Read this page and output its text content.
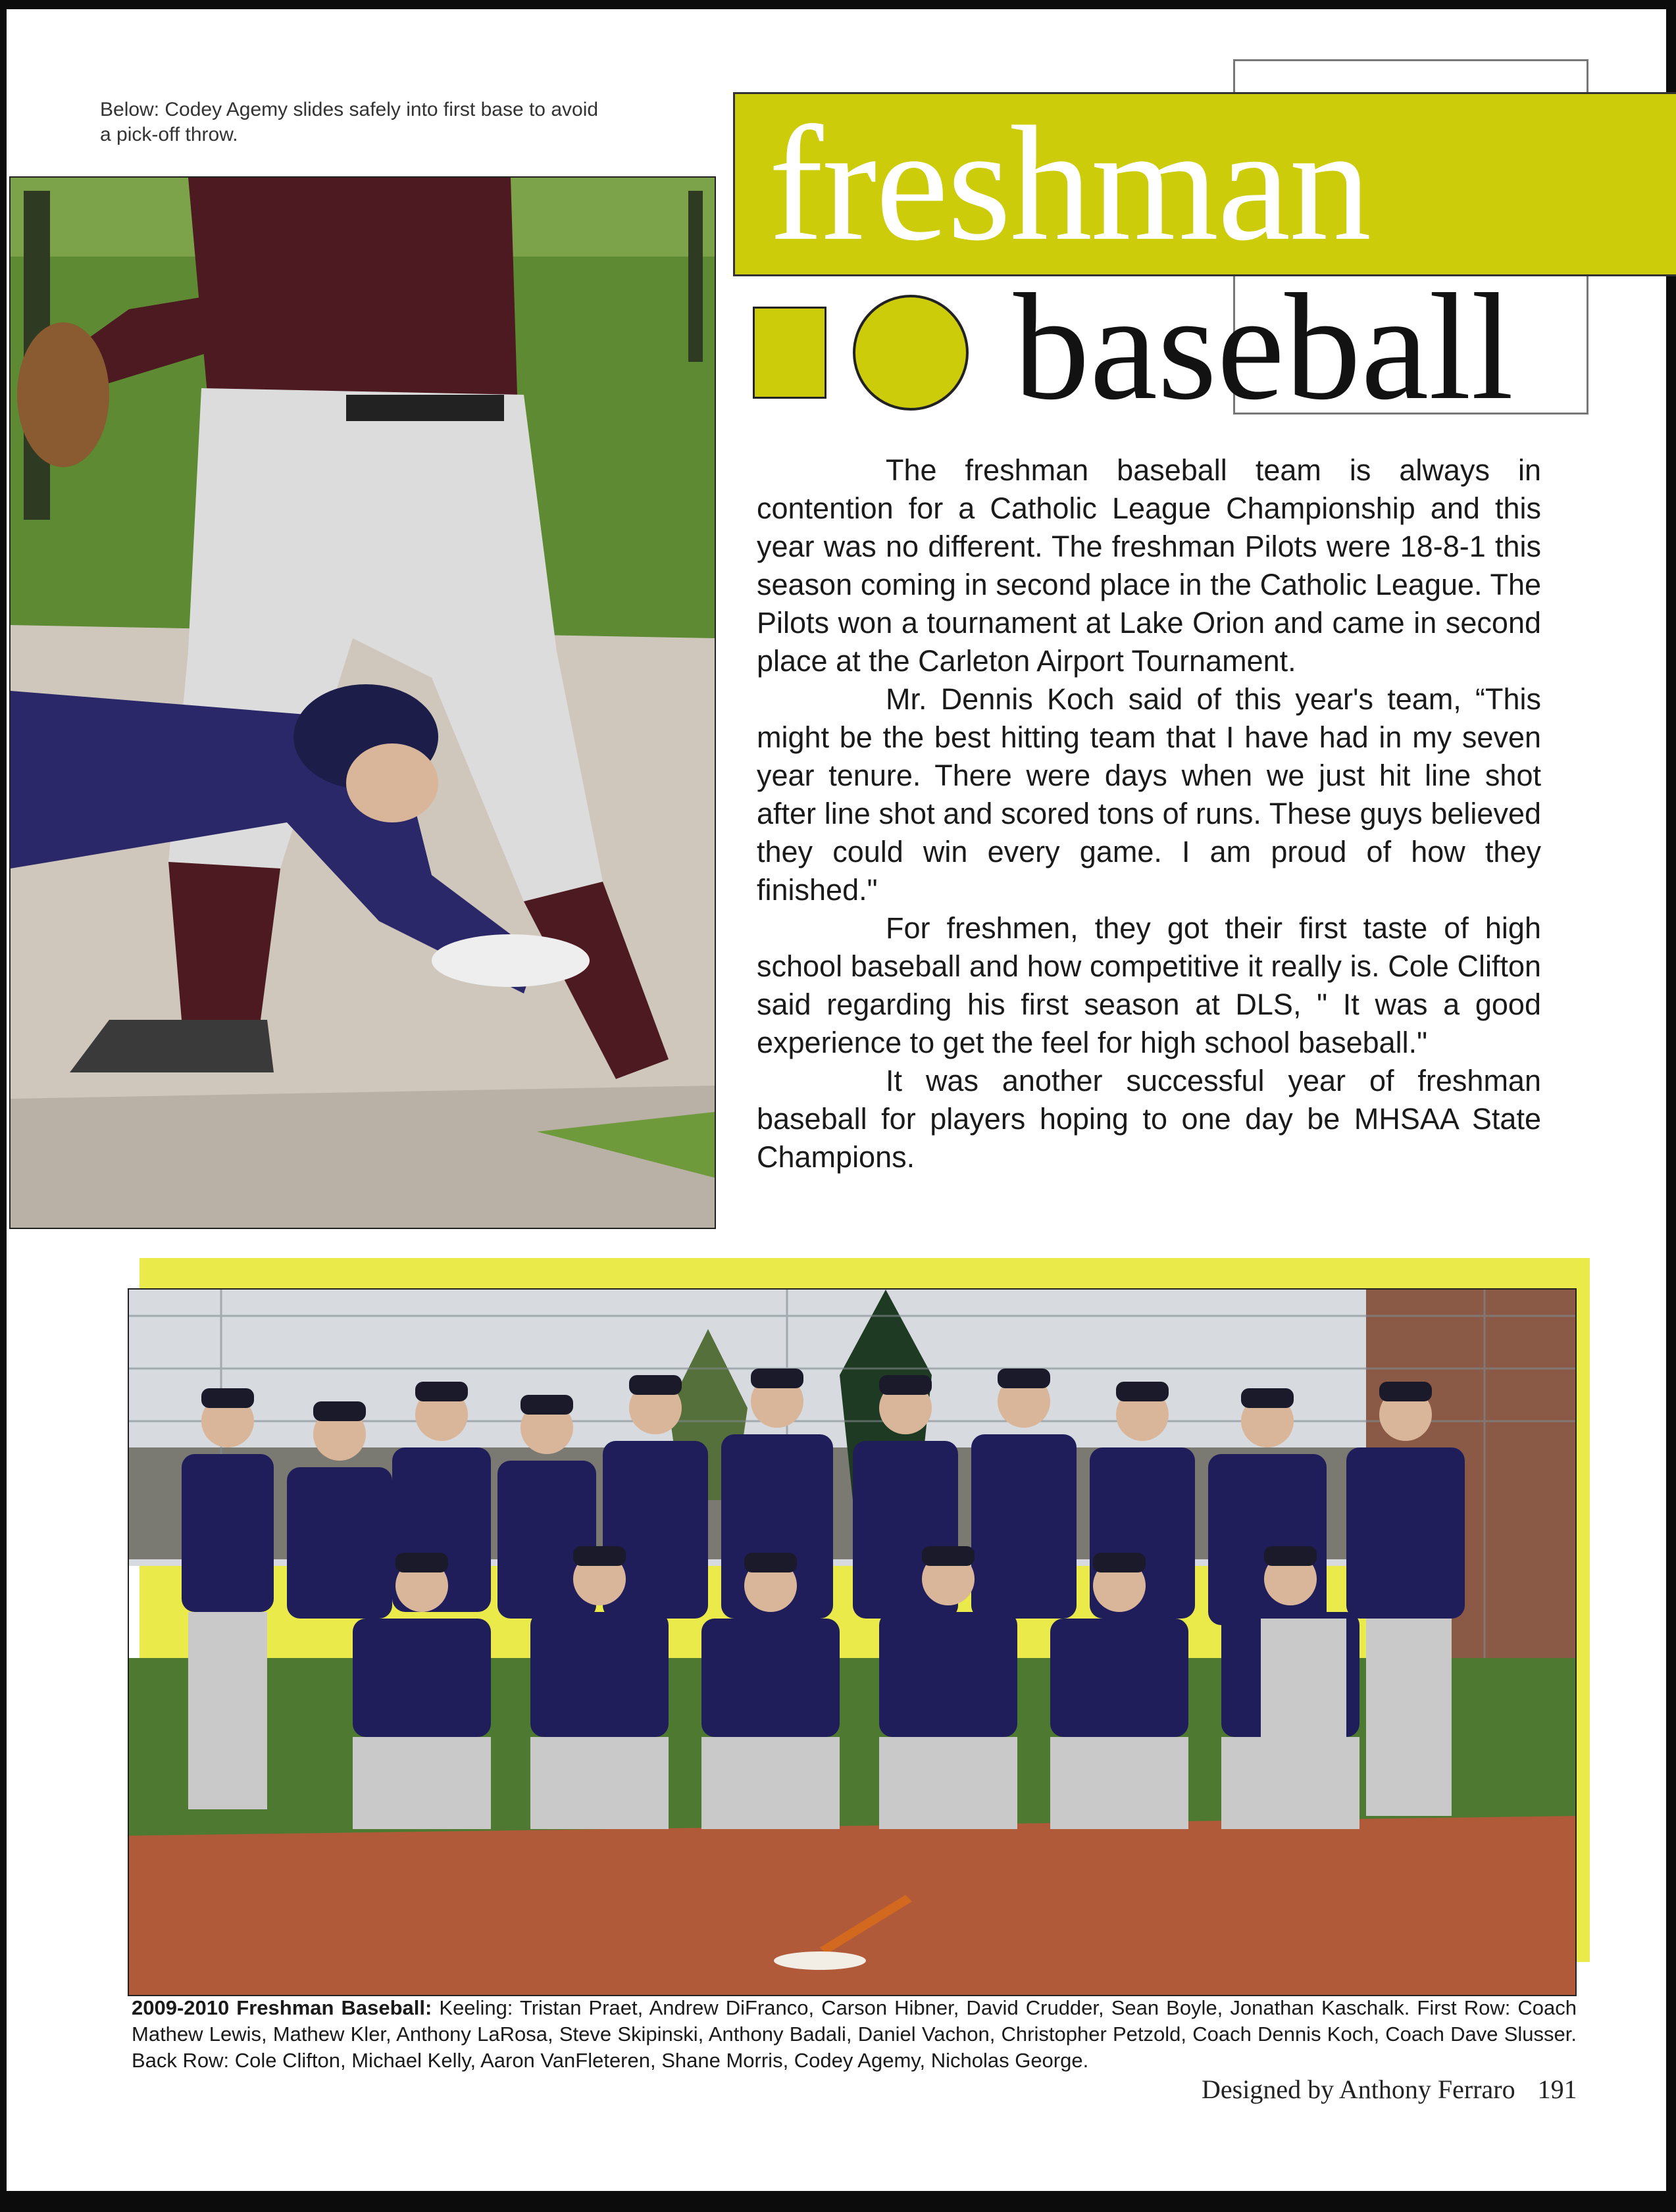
Below: Codey Agemy slides safely into first base to avoid a pick-off throw.	freshman
baseball

The freshman baseball team is always in contention for a Catholic League Championship and this year was no different. The freshman Pilots were 18-8-1 this season coming in second place in the Catholic League. The Pilots won a tournament at Lake Orion and came in second place at the Carleton Airport Tournament.

Mr. Dennis Koch said of this year's team, “This might be the best hitting team that I have had in my seven year tenure. There were days when we just hit line shot after line shot and scored tons of runs. These guys believed they could win every game. I am proud of how they finished."

For freshmen, they got their first taste of high school baseball and how competitive it really is. Cole Clifton said regarding his first season at DLS, " It was a good experience to get the feel for high school baseball."

It was another successful year of freshman baseball for players hoping to one day be MHSAA State Champions.

2009-2010 Freshman Baseball: Keeling: Tristan Praet, Andrew DiFranco, Carson Hibner, David Crudder, Sean Boyle, Jonathan Kaschalk. First Row: Coach Mathew Lewis, Mathew Kler, Anthony LaRosa, Steve Skipinski, Anthony Badali, Daniel Vachon, Christopher Petzold, Coach Dennis Koch, Coach Dave Slusser. Back Row: Cole Clifton, Michael Kelly, Aaron VanFleteren, Shane Morris, Codey Agemy, Nicholas George.
Designed by Anthony Ferraro 191
